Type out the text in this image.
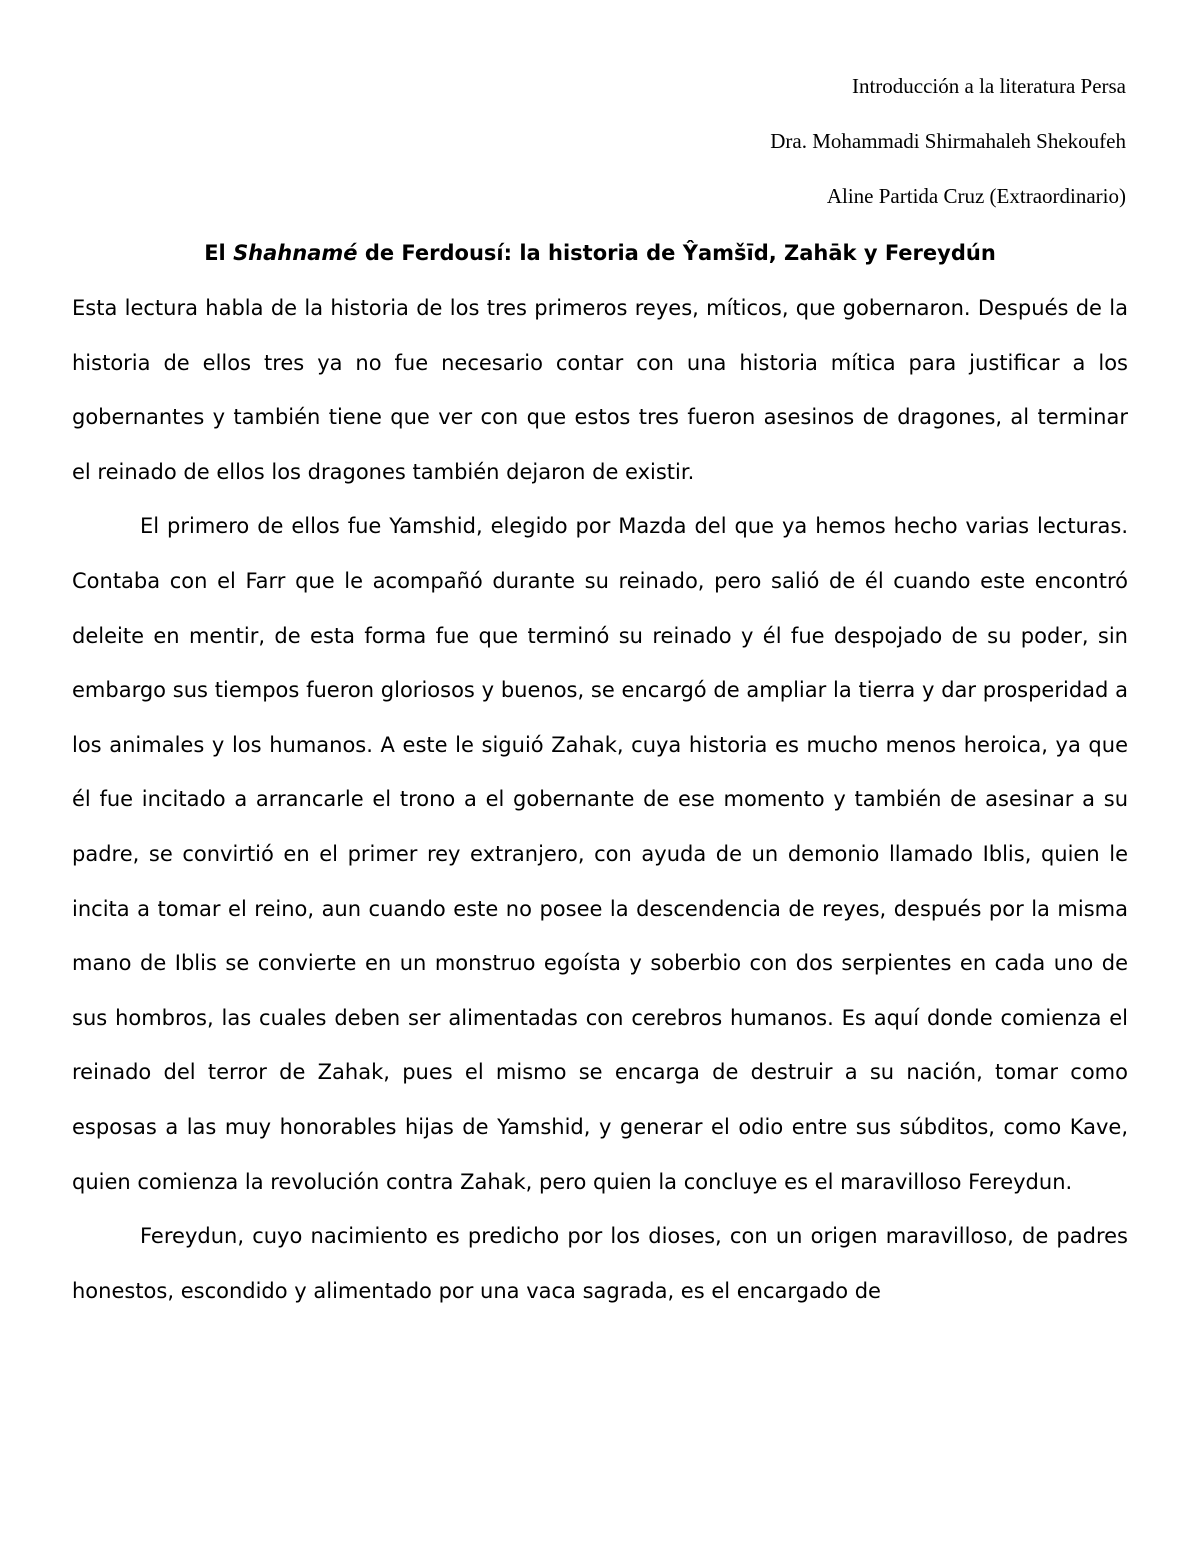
Introducción a la literatura Persa
Dra. Mohammadi Shirmahaleh Shekoufeh
Aline Partida Cruz (Extraordinario)
El Shahnamé de Ferdousí: la historia de Ŷamšīd, Zahāk y Fereydún

Esta lectura habla de la historia de los tres primeros reyes, míticos, que gobernaron. Después de la historia de ellos tres ya no fue necesario contar con una historia mítica para justificar a los gobernantes y también tiene que ver con que estos tres fueron asesinos de dragones, al terminar el reinado de ellos los dragones también dejaron de existir.

El primero de ellos fue Yamshid, elegido por Mazda del que ya hemos hecho varias lecturas. Contaba con el Farr que le acompañó durante su reinado, pero salió de él cuando este encontró deleite en mentir, de esta forma fue que terminó su reinado y él fue despojado de su poder, sin embargo sus tiempos fueron gloriosos y buenos, se encargó de ampliar la tierra y dar prosperidad a los animales y los humanos. A este le siguió Zahak, cuya historia es mucho menos heroica, ya que él fue incitado a arrancarle el trono a el gobernante de ese momento y también de asesinar a su padre, se convirtió en el primer rey extranjero, con ayuda de un demonio llamado Iblis, quien le incita a tomar el reino, aun cuando este no posee la descendencia de reyes, después por la misma mano de Iblis se convierte en un monstruo egoísta y soberbio con dos serpientes en cada uno de sus hombros, las cuales deben ser alimentadas con cerebros humanos. Es aquí donde comienza el reinado del terror de Zahak, pues el mismo se encarga de destruir a su nación, tomar como esposas a las muy honorables hijas de Yamshid, y generar el odio entre sus súbditos, como Kave, quien comienza la revolución contra Zahak, pero quien la concluye es el maravilloso Fereydun.

Fereydun, cuyo nacimiento es predicho por los dioses, con un origen maravilloso, de padres honestos, escondido y alimentado por una vaca sagrada, es el encargado de
